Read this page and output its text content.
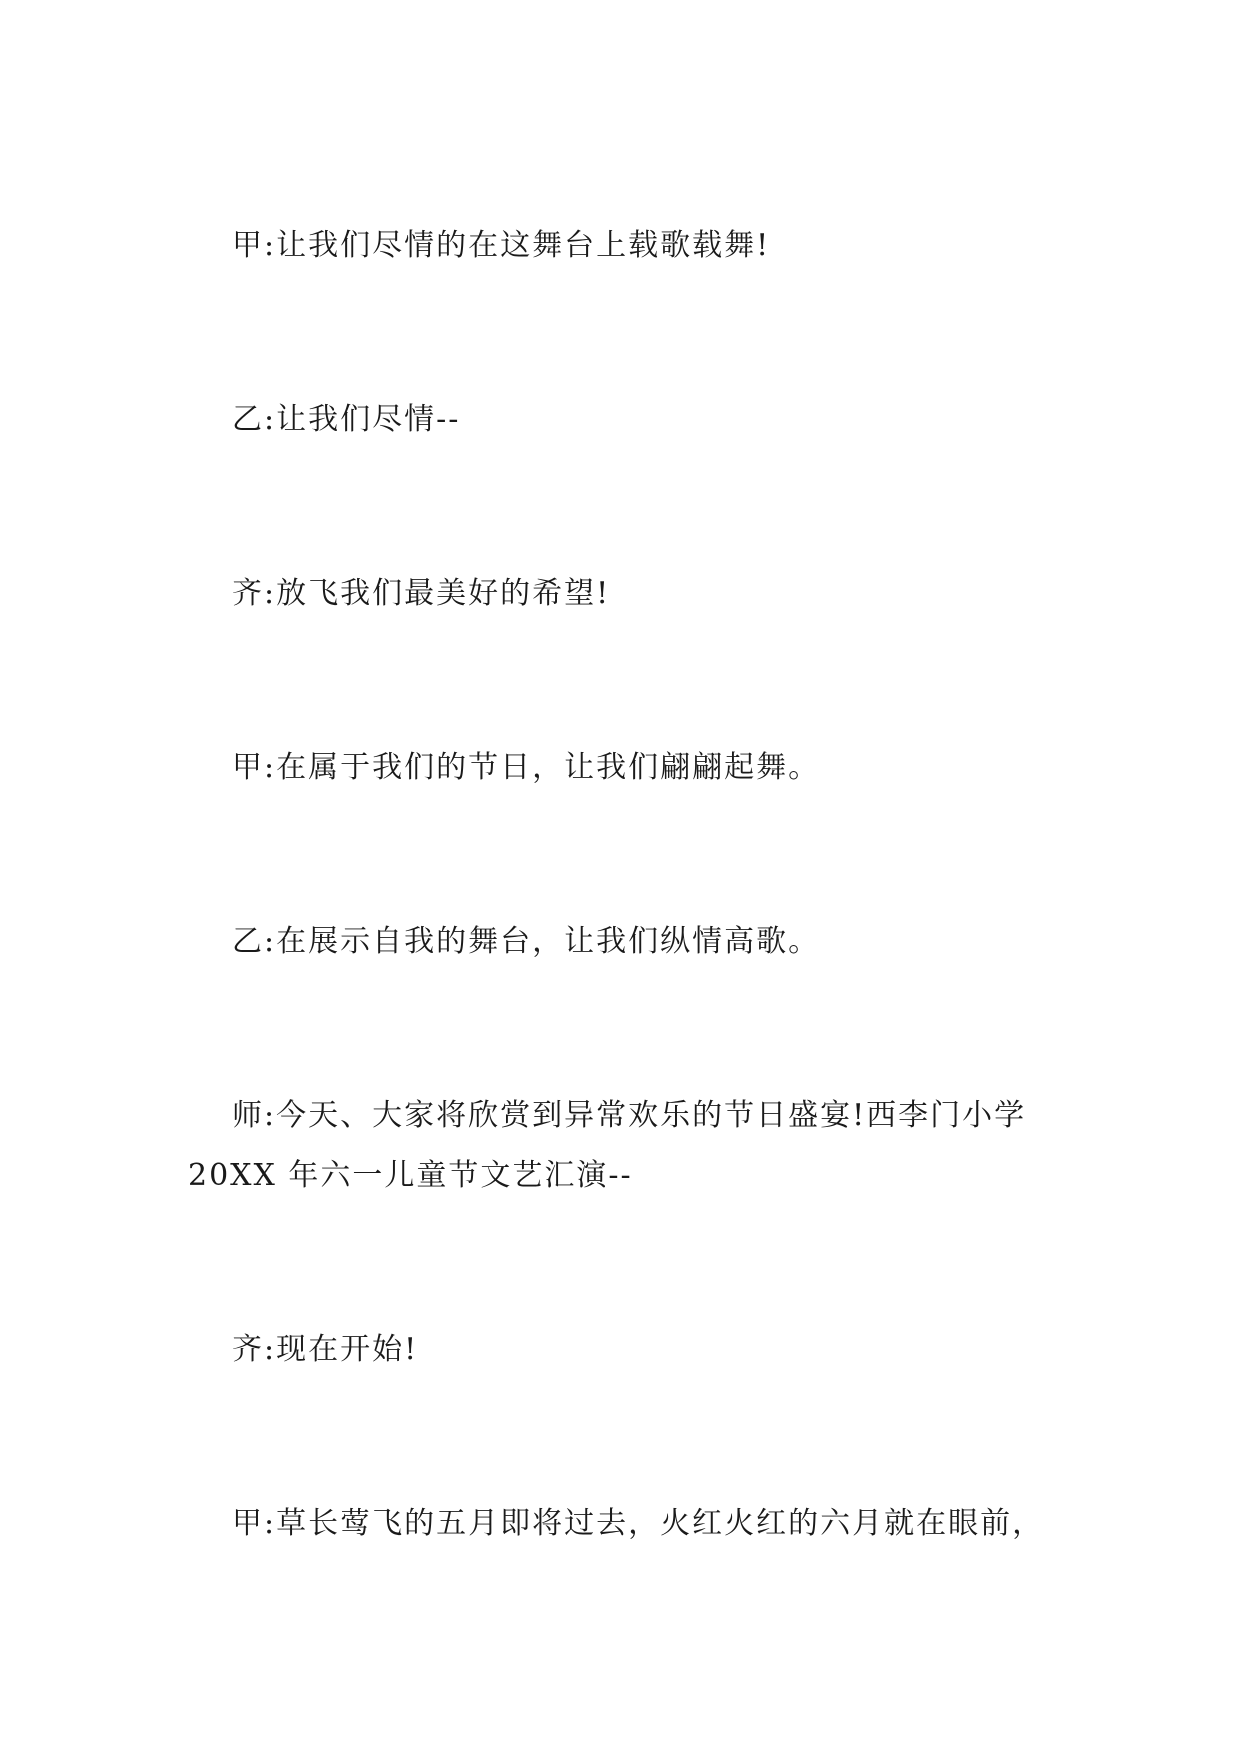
甲:让我们尽情的在这舞台上载歌载舞!
乙:让我们尽情--
齐:放飞我们最美好的希望!
甲:在属于我们的节日，让我们翩翩起舞。
乙:在展示自我的舞台，让我们纵情高歌。
师:今天、大家将欣赏到异常欢乐的节日盛宴!西李门小学
20XX 年六一儿童节文艺汇演--
齐:现在开始!
甲:草长莺飞的五月即将过去，火红火红的六月就在眼前，
